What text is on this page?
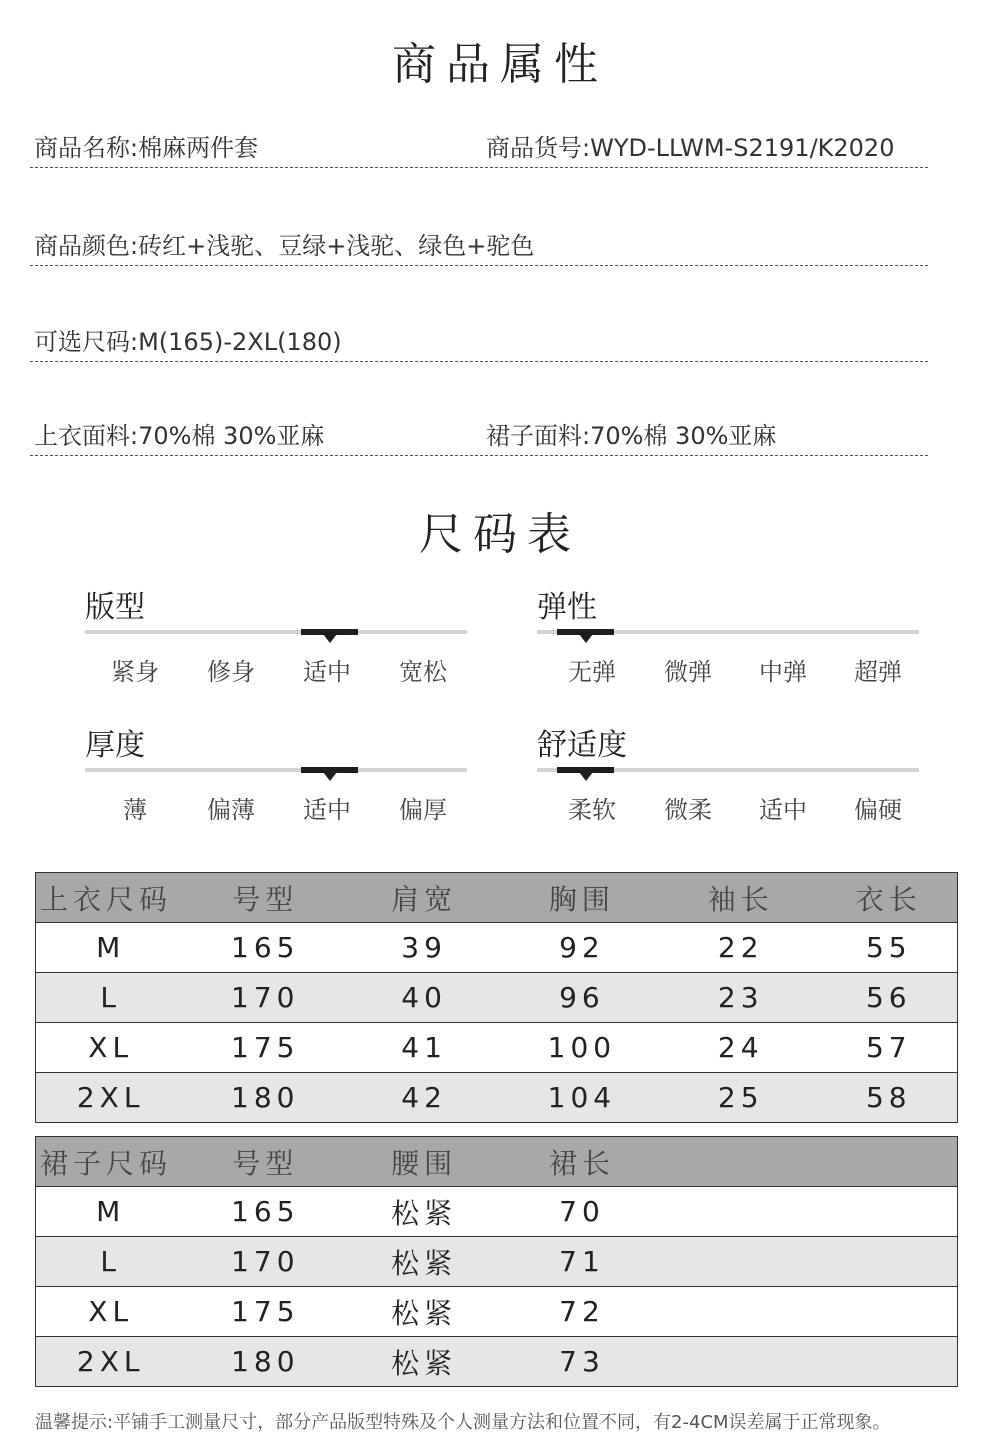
商品属性
商品名称:棉麻两件套	商品货号:WYD-LLWM-S2191/K2020
商品颜色:砖红+浅驼、豆绿+浅驼、绿色+驼色
可选尺码:M(165)-2XL(180)
上衣面料:70%棉 30%亚麻	裙子面料:70%棉 30%亚麻
尺码表
版型
紧身	修身	适中	宽松
弹性
无弹	微弹	中弹	超弹
厚度
薄	偏薄	适中	偏厚
舒适度
柔软	微柔	适中	偏硬
上衣尺码	号型	肩宽	胸围	袖长	衣长
M	165	39	92	22	55
L	170	40	96	23	56
XL	175	41	100	24	57
2XL	180	42	104	25	58
裙子尺码	号型	腰围	裙长		
M	165	松紧	70		
L	170	松紧	71		
XL	175	松紧	72		
2XL	180	松紧	73		
温馨提示:平铺手工测量尺寸，部分产品版型特殊及个人测量方法和位置不同，有2-4CM误差属于正常现象。
